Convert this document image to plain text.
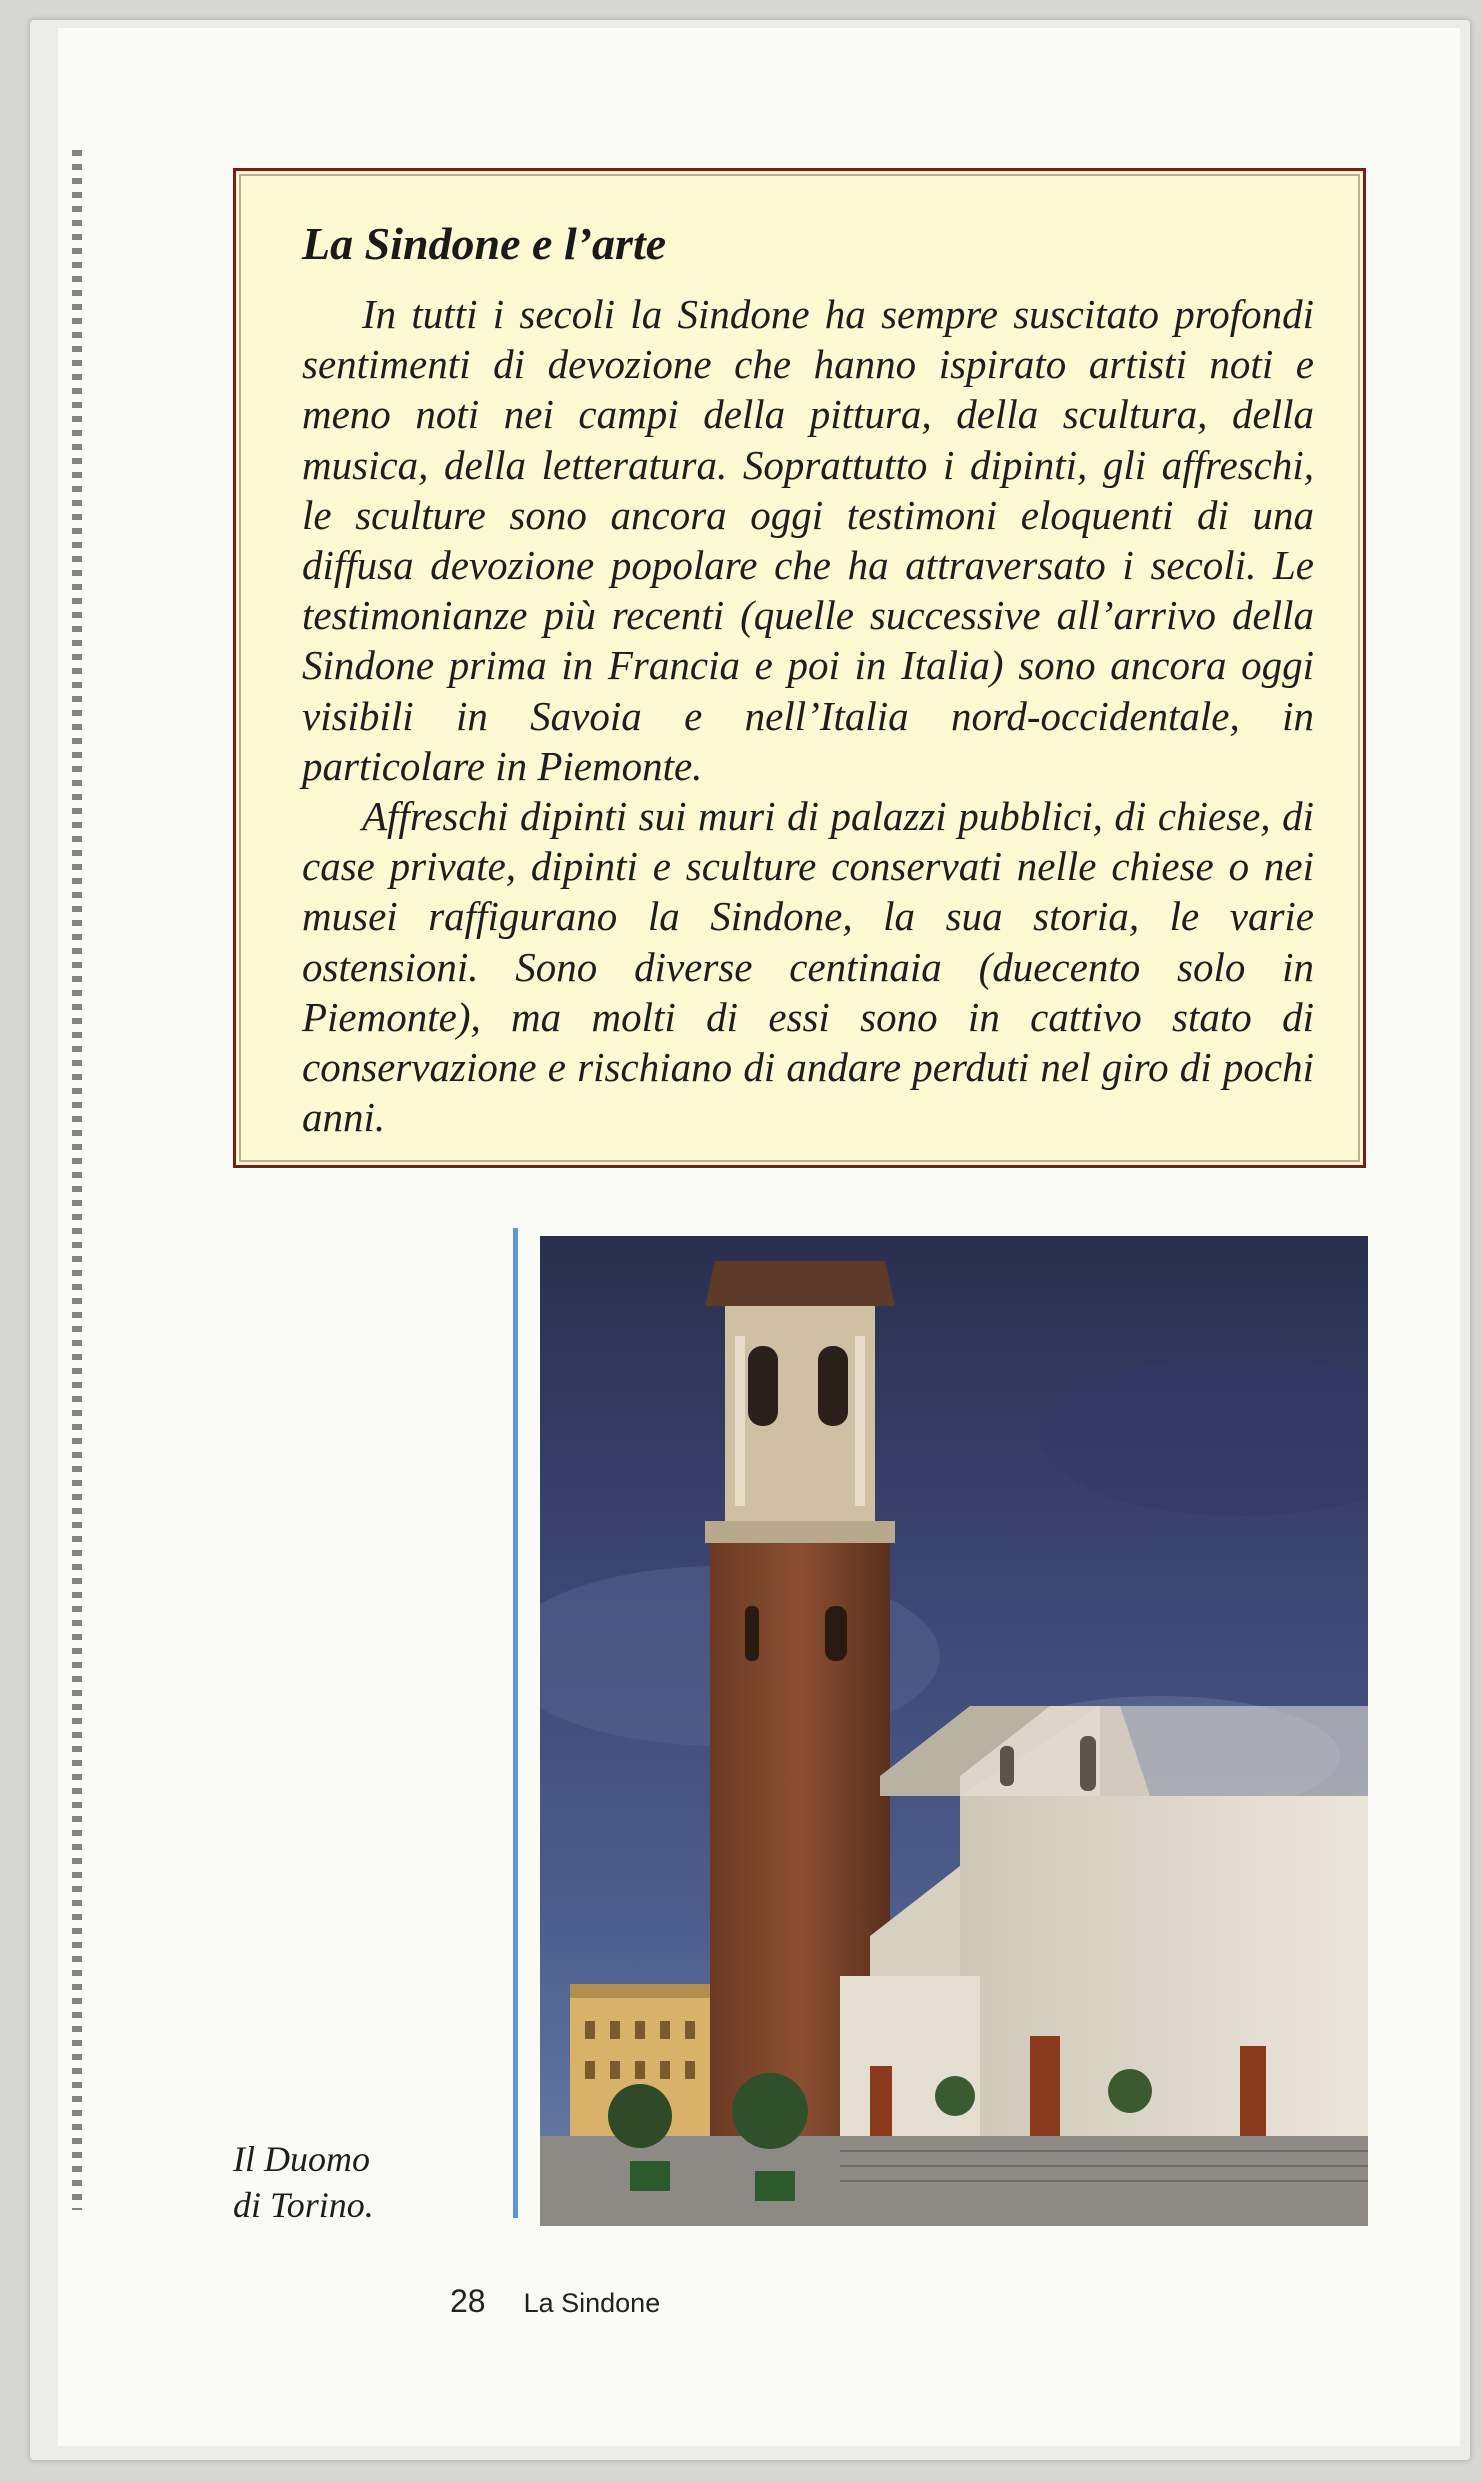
La Sindone e l’arte

In tutti i secoli la Sindone ha sempre suscitato profondi sentimenti di devozione che hanno ispirato artisti noti e meno noti nei campi della pittura, della scultura, della musica, della letteratura. Soprattutto i dipinti, gli affreschi, le sculture sono ancora oggi testimoni eloquenti di una diffusa devozione popolare che ha attraversato i secoli. Le testimonianze più recenti (quelle successive all’arrivo della Sindone prima in Francia e poi in Italia) sono ancora oggi visibili in Savoia e nell’Italia nord-occidentale, in particolare in Piemonte.

Affreschi dipinti sui muri di palazzi pubblici, di chiese, di case private, dipinti e sculture conservati nelle chiese o nei musei raffigurano la Sindone, la sua storia, le varie ostensioni. Sono diverse centinaia (duecento solo in Piemonte), ma molti di essi sono in cattivo stato di conservazione e rischiano di andare perduti nel giro di pochi anni.

Il Duomo
di Torino.
28 La Sindone
